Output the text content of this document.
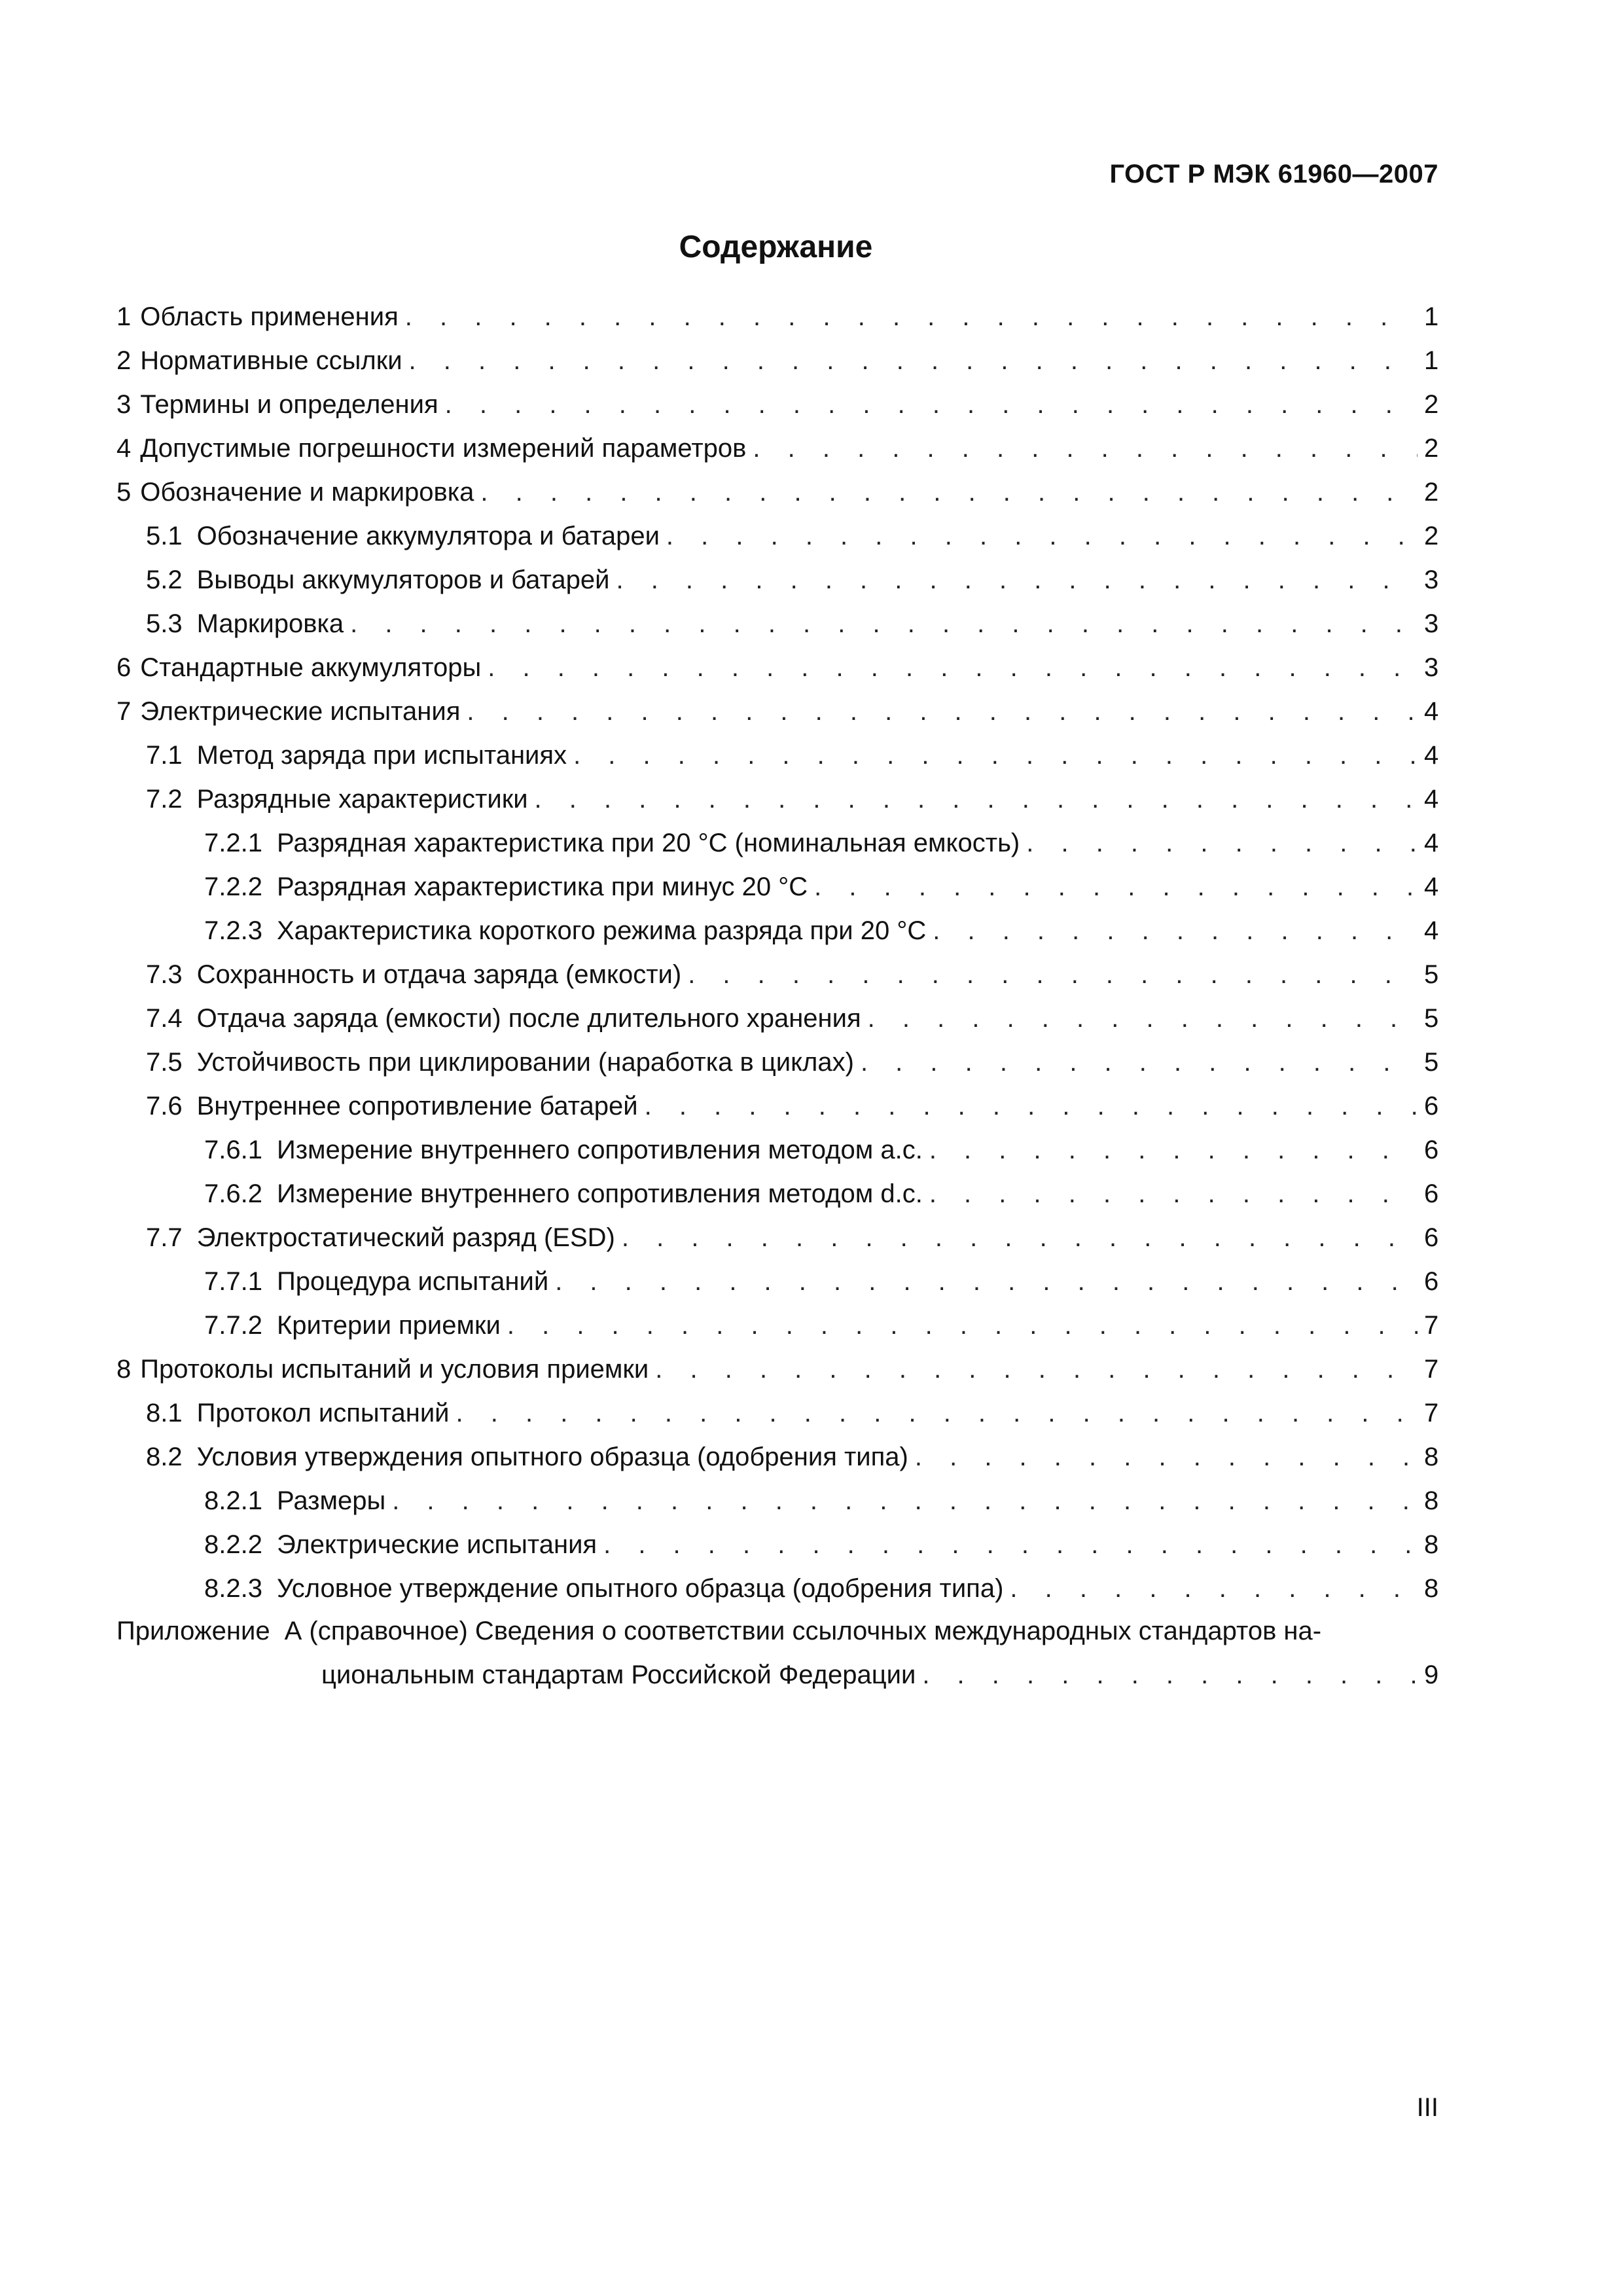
ГОСТ Р МЭК 61960—2007
Содержание
1 Область применения . . .	1
2 Нормативные ссылки . . .	1
3 Термины и определения . . .	2
4 Допустимые погрешности измерений параметров . . .	2
5 Обозначение и маркировка . . .	2
5.1 Обозначение аккумулятора и батареи . . .	2
5.2 Выводы аккумуляторов и батарей . . .	3
5.3 Маркировка . . .	3
6 Стандартные аккумуляторы . . .	3
7 Электрические испытания . . .	4
7.1 Метод заряда при испытаниях . . .	4
7.2 Разрядные характеристики . . .	4
7.2.1 Разрядная характеристика при 20 °С (номинальная емкость) . . .	4
7.2.2 Разрядная характеристика при минус 20 °С . . .	4
7.2.3 Характеристика короткого режима разряда при 20 °С . . .	4
7.3 Сохранность и отдача заряда (емкости) . . .	5
7.4 Отдача заряда (емкости) после длительного хранения . . .	5
7.5 Устойчивость при циклировании (наработка в циклах) . . .	5
7.6 Внутреннее сопротивление батарей . . .	6
7.6.1 Измерение внутреннего сопротивления методом a.c. . . .	6
7.6.2 Измерение внутреннего сопротивления методом d.c. . . .	6
7.7 Электростатический разряд (ESD) . . .	6
7.7.1 Процедура испытаний . . .	6
7.7.2 Критерии приемки . . .	7
8 Протоколы испытаний и условия приемки . . .	7
8.1 Протокол испытаний . . .	7
8.2 Условия утверждения опытного образца (одобрения типа) . . .	8
8.2.1 Размеры . . .	8
8.2.2 Электрические испытания . . .	8
8.2.3 Условное утверждение опытного образца (одобрения типа) . . .	8
Приложение А (справочное) Сведения о соответствии ссылочных международных стандартов на-
циональным стандартам Российской Федерации . . .	9
III
